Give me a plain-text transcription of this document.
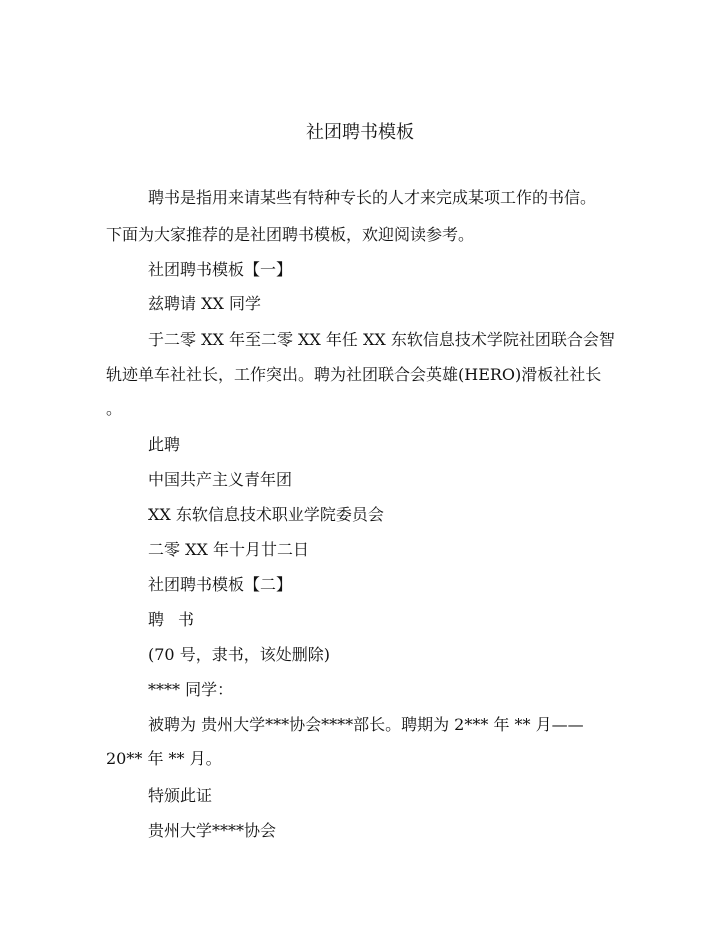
社团聘书模板
聘书是指用来请某些有特种专长的人才来完成某项工作的书信。
下面为大家推荐的是社团聘书模板，欢迎阅读参考。
社团聘书模板【一】
兹聘请 XX 同学
于二零 XX 年至二零 XX 年任 XX 东软信息技术学院社团联合会智
轨迹单车社社长，工作突出。聘为社团联合会英雄(HERO)滑板社社长
。
此聘
中国共产主义青年团
XX 东软信息技术职业学院委员会
二零 XX 年十月廿二日
社团聘书模板【二】
聘书
(70 号，隶书，该处删除)
**** 同学：
被聘为 贵州大学***协会****部长。聘期为 2*** 年 ** 月——
20** 年 ** 月。
特颁此证
贵州大学****协会
